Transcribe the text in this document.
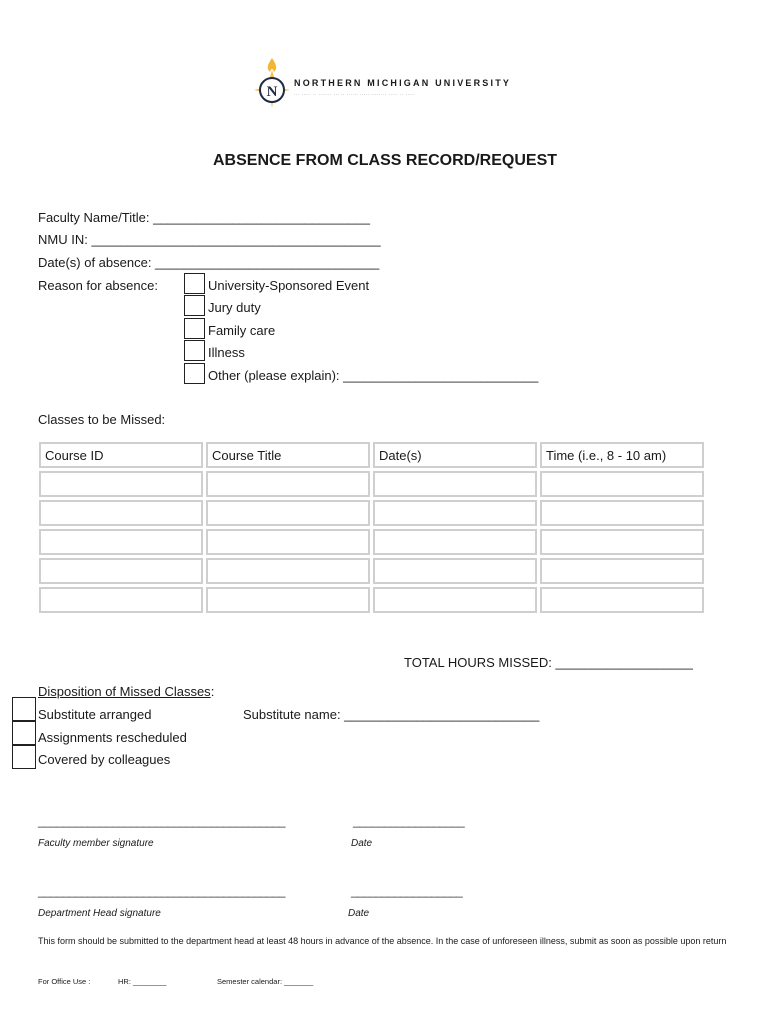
N
NORTHERN MICHIGAN UNIVERSITY
··· ····· ·· ······· ··· ·· ······ ····· ········ ····· ·· ·····
ABSENCE FROM CLASS RECORD/REQUEST
Faculty Name/Title: ______________________________
NMU IN: ________________________________________
Date(s) of absence: _______________________________
Reason for absence:	University-Sponsored Event
Jury duty
Family care
Illness
Other (please explain): ___________________________
Classes to be Missed:
Course ID	Course Title	Date(s)	Time (i.e., 8 - 10 am)

TOTAL HOURS MISSED: ___________________
Disposition of Missed Classes:
Substitute arranged	Substitute name: ___________________________
Assignments rescheduled
Covered by colleagues
________________________________________	__________________
Faculty member signature	Date
________________________________________	__________________
Department Head signature	Date
This form should be submitted to the department head at least 48 hours in advance of the absence. In the case of unforeseen illness, submit as soon as possible upon return
For Office Use :	HR: ________	Semester calendar: _______
